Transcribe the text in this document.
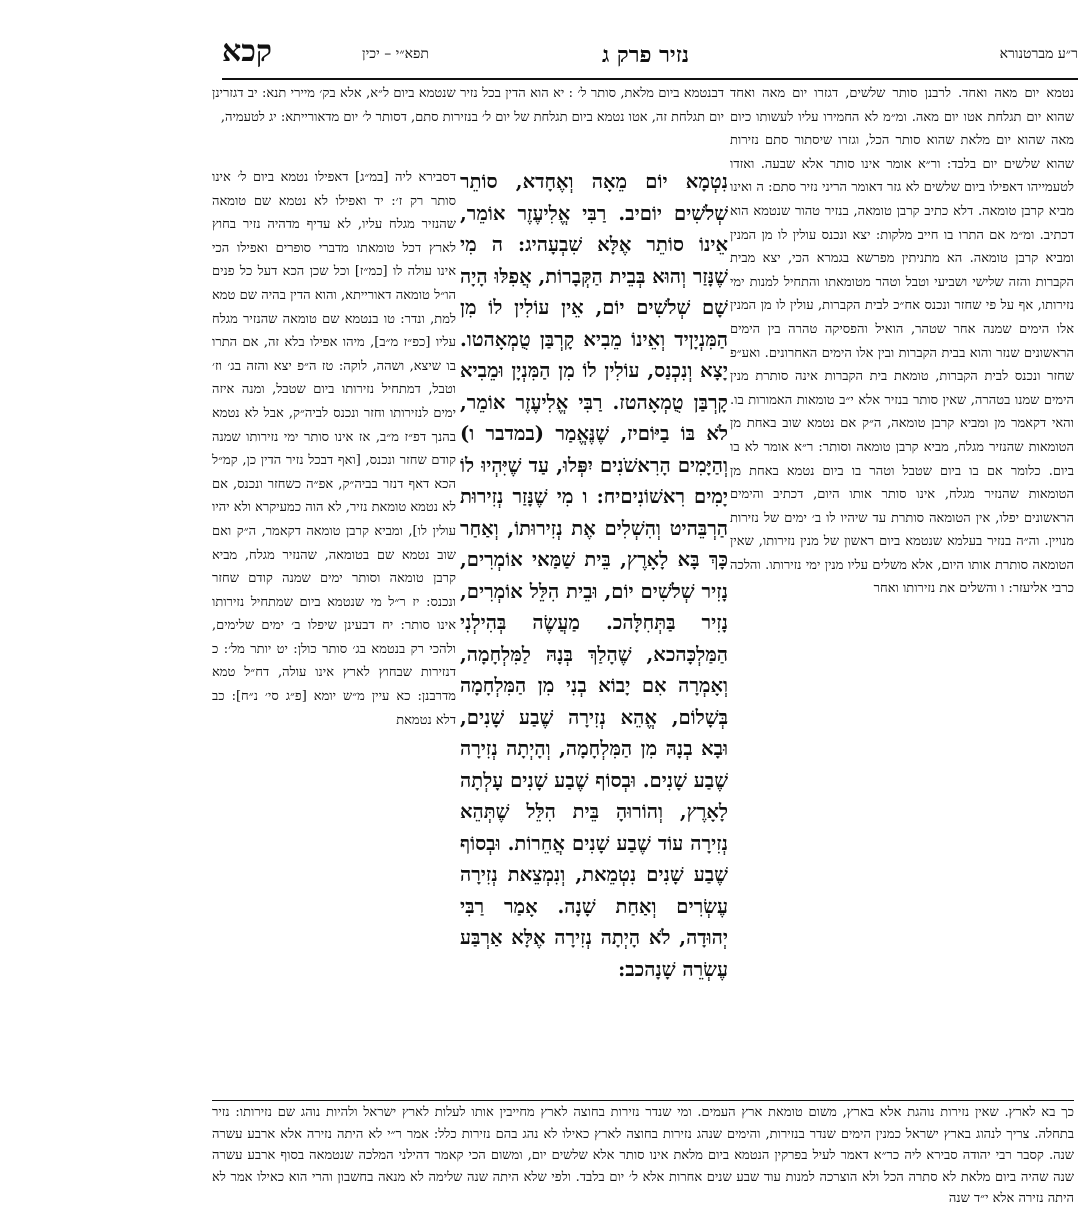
קכא	תפא״י – יכין	נזיר פרק ג	ר״ע מברטנורא
נטמא יום מאה ואחד. לרבנן סותר שלשים, דגזרו יום מאה ואחד שהוא יום תגלחת אטו יום מאה. ומ״מ לא החמירו עליו לעשותו כיום מאה שהוא יום מלאת שהוא סותר הכל, וגזרו שיסתור סתם נזירות שהוא שלשים יום בלבד: ור״א אומר אינו סותר אלא שבעה. ואזדו לטעמייהו דאפילו ביום שלשים לא גזר דאומר הריני נזיר סתם: ה ואינו מביא קרבן טומאה. דלא כתיב קרבן טומאה, בנזיר טהור שנטמא הוא דכתיב. ומ״מ אם התרו בו חייב מלקות: יצא ונכנס עולין לו מן המנין ומביא קרבן טומאה. הא מתניתין מפרשא בגמרא הכי, יצא מבית הקברות והזה שלישי ושביעי וטבל וטהר מטומאתו והתחיל למנות ימי נזירותו, אף על פי שחזר ונכנס אח״כ לבית הקברות, עולין לו מן המנין אלו הימים שמנה אחר שטהר, הואיל והפסיקה טהרה בין הימים הראשונים שנזר והוא בבית הקברות ובין אלו הימים האחרונים. ואע״פ שחזר ונכנס לבית הקברות, טומאת בית הקברות אינה סותרת מנין הימים שמנו בטהרה, שאין סותר בנזיר אלא י״ב טומאות האמורות בו. והאי דקאמר מן ומביא קרבן טומאה, ה״ק אם נטמא שוב באחת מן הטומאות שהנזיר מגלח, מביא קרבן טומאה וסותר: ר״א אומר לא בו ביום. כלומר אם בו ביום שטבל וטהר בו ביום נטמא באחת מן הטומאות שהנזיר מגלח, אינו סותר אותו היום, דכתיב והימים הראשונים יפלו, אין הטומאה סותרת עד שיהיו לו ב׳ ימים של נזירות מנויין. וה״ה בנזיר בעלמא שנטמא ביום ראשון של מנין נזירותו, שאין הטומאה סותרת אותו היום, אלא משלים עליו מנין ימי נזירותו. והלכה כרבי אליעזר: ו והשלים את נזירותו ואחר
דבנטמא ביום מלאת, סותר ל׳ : יא הוא הדין בכל נזיר שנטמא ביום ל״א, אלא בק׳ מיירי תנא: יב דגזרינן יום תגלחת זה, אטו נטמא ביום תגלחת של יום ל׳ בנזירות סתם, דסותר ל׳ יום מדאורייתא: יג לטעמיה,
דסבירא ליה [במ״ג] דאפילו נטמא ביום ל׳ אינו סותר רק ז׳: יד ואפילו לא נטמא שם טומאה שהנזיר מגלח עליו, לא עדיף מדהיה נזיר בחוץ לארץ דכל טומאתו מדברי סופרים ואפילו הכי אינו עולה לו [כמ״ז] וכל שכן הכא דעל כל פנים הו״ל טומאה דאורייתא, והוא הדין בהיה שם טמא למת, ונדר: טו בנטמא שם טומאה שהנזיר מגלח עליו [כפ״ז מ״ב], מיהו אפילו בלא זה, אם התרו בו שיצא, ושהה, לוקה: טז ה״פ יצא והזה בג׳ וז׳ וטבל, דמתחיל נזירותו ביום שטבל, ומנה איזה ימים לנזירותו וחזר ונכנס לביה״ק, אבל לא נטמא בהנך דפ״ז מ״ב, אז אינו סותר ימי נזירותו שמנה קודם שחזר ונכנס, [ואף דבכל נזיר הדין כן, קמ״ל הכא דאף דנזר בביה״ק, אפ״ה כשחזר ונכנס, אם לא נטמא טומאת נזיר, לא הוה כמעיקרא ולא יהיו עולין לו], ומביא קרבן טומאה דקאמר, ה״ק ואם שוב נטמא שם בטומאה, שהנזיר מגלח, מביא קרבן טומאה וסותר ימים שמנה קודם שחזר ונכנס: יז ר״ל מי שנטמא ביום שמתחיל נזירותו אינו סותר: יח דבעינן שיפלו ב׳ ימים שלימים, ולהכי רק בנטמא בג׳ סותר כולן: יט יותר מל׳: כ דנזירות שבחוץ לארץ אינו עולה, דח״ל טמא מדרבנן: כא עיין מ״ש יומא [פ״ג סי׳ נ״ח]: כב דלא נטמאת
נִטְמָא יוֹם מֵאָה וְאֶחָדא, סוֹתֵר שְׁלֹשִׁים יוֹםיב. רַבִּי אֱלִיעֶזֶר אוֹמֵר, אֵינוֹ סוֹתֵר אֶלָּא שִׁבְעָהיג: ה מִי שֶׁנָּזַר וְהוּא בְּבֵית הַקְּבָרוֹת, אֲפִלּוּ הָיָה שָׁם שְׁלֹשִׁים יוֹם, אֵין עוֹלִין לוֹ מִן הַמִּנְיָןיד וְאֵינוֹ מֵבִיא קָרְבַּן טֻמְאָהטו. יָצָא וְנִכְנַס, עוֹלִין לוֹ מִן הַמִּנְיָן וּמֵבִיא קָרְבַּן טֻמְאָהטז. רַבִּי אֱלִיעֶזֶר אוֹמֵר, לֹא בּוֹ בַיּוֹםיז, שֶׁנֶּאֱמַר (במדבר ו) וְהַיָּמִים הָרִאשֹׁנִים יִפְּלוּ, עַד שֶׁיִּהְיוּ לוֹ יָמִים רִאשׁוֹנִיםיח: ו מִי שֶׁנָּזַר נְזִירוּת הַרְבֵּהיט וְהִשְׁלִים אֶת נְזִירוּתוֹ, וְאַחַר כָּךְ בָּא לָאָרֶץ, בֵּית שַׁמַּאי אוֹמְרִים, נָזִיר שְׁלֹשִׁים יוֹם, וּבֵית הִלֵּל אוֹמְרִים, נָזִיר בַּתְּחִלָּהכ. מַעֲשֶׂה בְּהִילְנִי הַמַּלְכָּהכא, שֶׁהָלַךְ בְּנָהּ לַמִּלְחָמָה, וְאָמְרָה אִם יָבוֹא בְנִי מִן הַמִּלְחָמָה בְּשָׁלוֹם, אֱהֵא נְזִירָה שֶׁבַע שָׁנִים, וּבָא בְנָהּ מִן הַמִּלְחָמָה, וְהָיְתָה נְזִירָה שֶׁבַע שָׁנִים. וּבְסוֹף שֶׁבַע שָׁנִים עָלְתָה לָאָרֶץ, וְהוֹרוּהָ בֵּית הִלֵּל שֶׁתְּהֵא נְזִירָה עוֹד שֶׁבַע שָׁנִים אֲחֵרוֹת. וּבְסוֹף שֶׁבַע שָׁנִים נִטְמֵאת, וְנִמְצֵאת נְזִירָה עֶשְׂרִים וְאַחַת שָׁנָה. אָמַר רַבִּי יְהוּדָה, לֹא הָיְתָה נְזִירָה אֶלָּא אַרְבַּע עֶשְׂרֵה שָׁנָהכב:
כך בא לארץ. שאין נזירות נוהגת אלא בארץ, משום טומאת ארץ העמים. ומי שנדר נזירות בחוצה לארץ מחייבין אותו לעלות לארץ ישראל ולהיות נוהג שם נזירותו: נזיר בתחלה. צריך לנהוג בארץ ישראל כמנין הימים שנדר בנזירות, והימים שנהג נזירות בחוצה לארץ כאילו לא נהג בהם נזירות כלל: אמר ר״י לא היתה נזירה אלא ארבע עשרה שנה. קסבר רבי יהודה סבירא ליה כר״א דאמר לעיל בפרקין הנטמא ביום מלאת אינו סותר אלא שלשים יום, ומשום הכי קאמר דהילני המלכה שנטמאה בסוף ארבע עשרה שנה שהיה ביום מלאת לא סתרה הכל ולא הוצרכה למנות עוד שבע שנים אחרות אלא ל׳ יום בלבד. ולפי שלא היתה שנה שלימה לא מנאה בחשבון והרי הוא כאילו אמר לא היתה נזירה אלא י״ד שנה
